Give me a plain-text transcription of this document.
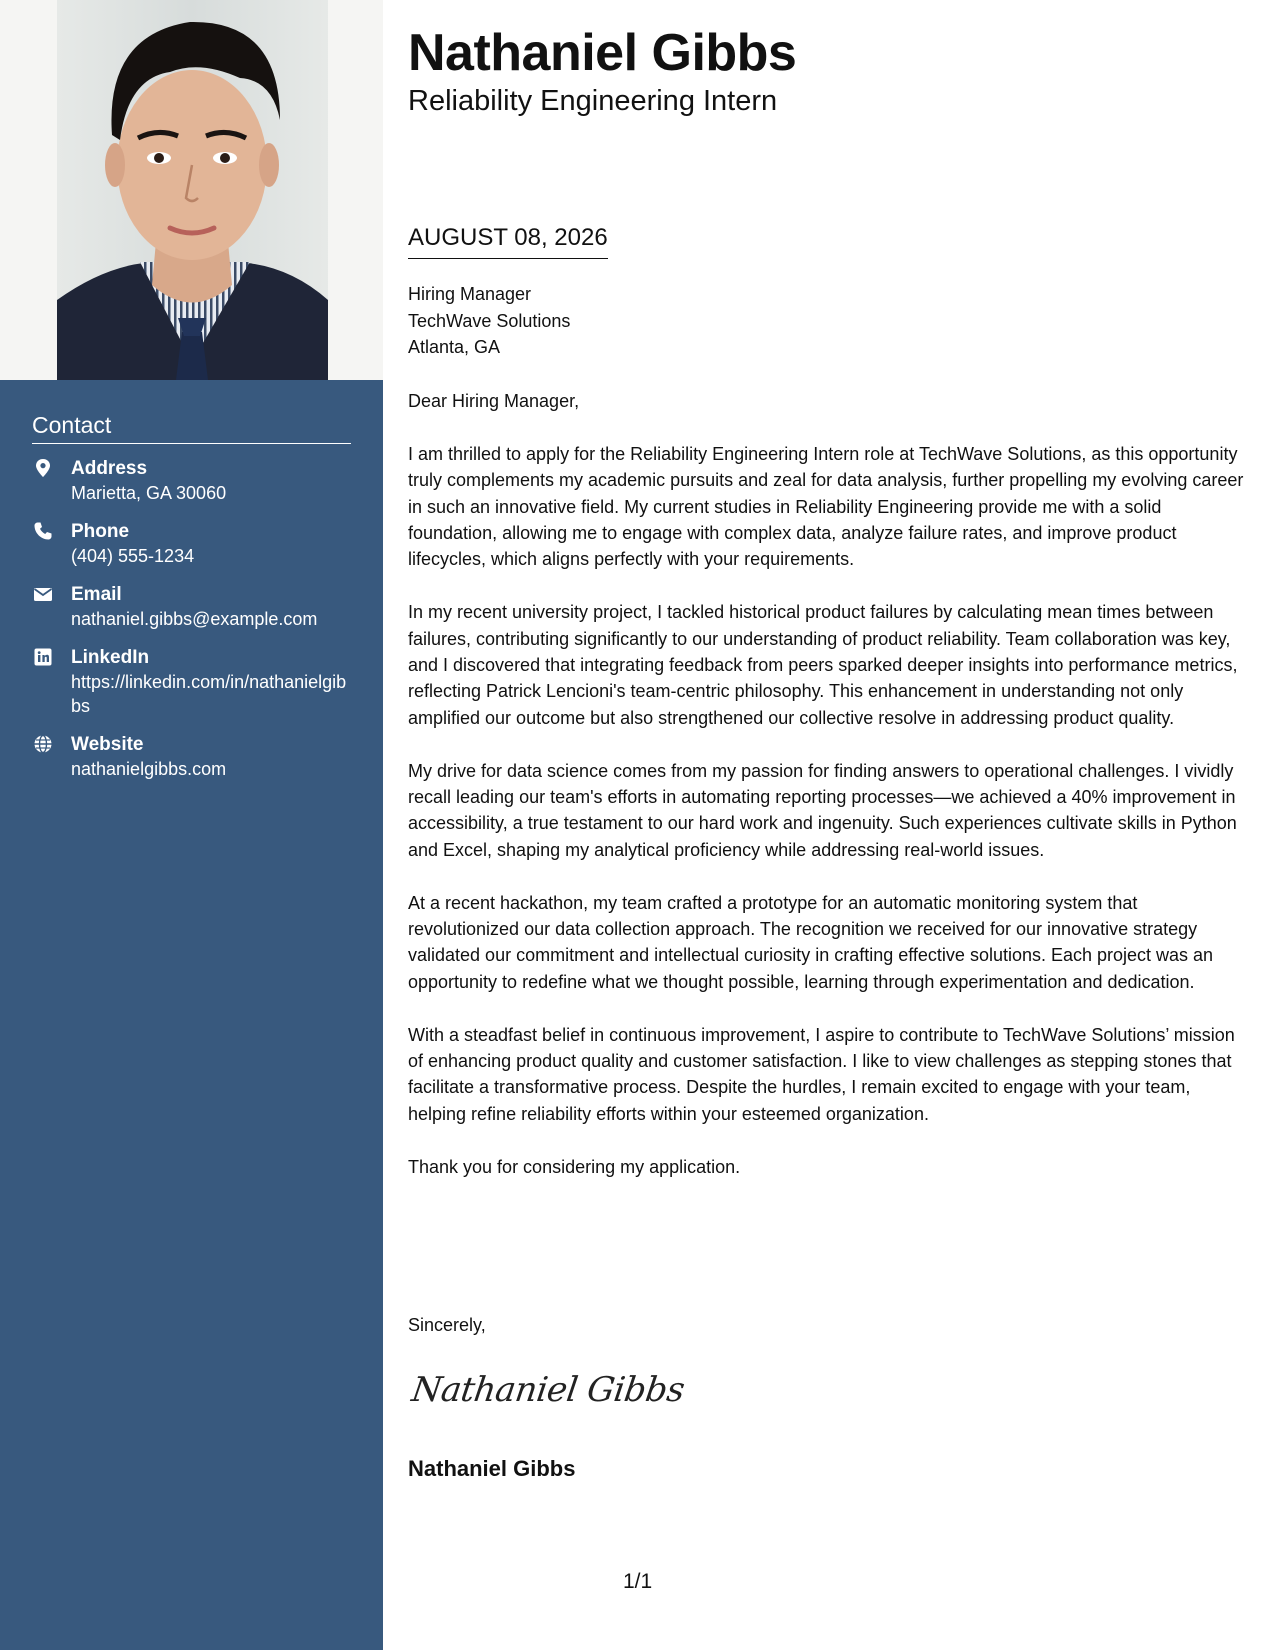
Contact
Address
Marietta, GA 30060
Phone
(404) 555-1234
Email
nathaniel.gibbs@example.com
LinkedIn
https://linkedin.com/in/nathanielgibbs
Website
nathanielgibbs.com
Nathaniel Gibbs
Reliability Engineering Intern
AUGUST 08, 2026
Hiring Manager
TechWave Solutions
Atlanta, GA

Dear Hiring Manager,

I am thrilled to apply for the Reliability Engineering Intern role at TechWave Solutions, as this opportunity truly complements my academic pursuits and zeal for data analysis, further propelling my evolving career in such an innovative field. My current studies in Reliability Engineering provide me with a solid foundation, allowing me to engage with complex data, analyze failure rates, and improve product lifecycles, which aligns perfectly with your requirements.

In my recent university project, I tackled historical product failures by calculating mean times between failures, contributing significantly to our understanding of product reliability. Team collaboration was key, and I discovered that integrating feedback from peers sparked deeper insights into performance metrics, reflecting Patrick Lencioni's team-centric philosophy. This enhancement in understanding not only amplified our outcome but also strengthened our collective resolve in addressing product quality.

My drive for data science comes from my passion for finding answers to operational challenges. I vividly recall leading our team's efforts in automating reporting processes—we achieved a 40% improvement in accessibility, a true testament to our hard work and ingenuity. Such experiences cultivate skills in Python and Excel, shaping my analytical proficiency while addressing real-world issues.

At a recent hackathon, my team crafted a prototype for an automatic monitoring system that revolutionized our data collection approach. The recognition we received for our innovative strategy validated our commitment and intellectual curiosity in crafting effective solutions. Each project was an opportunity to redefine what we thought possible, learning through experimentation and dedication.

With a steadfast belief in continuous improvement, I aspire to contribute to TechWave Solutions’ mission of enhancing product quality and customer satisfaction. I like to view challenges as stepping stones that facilitate a transformative process. Despite the hurdles, I remain excited to engage with your team, helping refine reliability efforts within your esteemed organization.

Thank you for considering my application.

Sincerely,
Nathaniel Gibbs
Nathaniel Gibbs
1/1
